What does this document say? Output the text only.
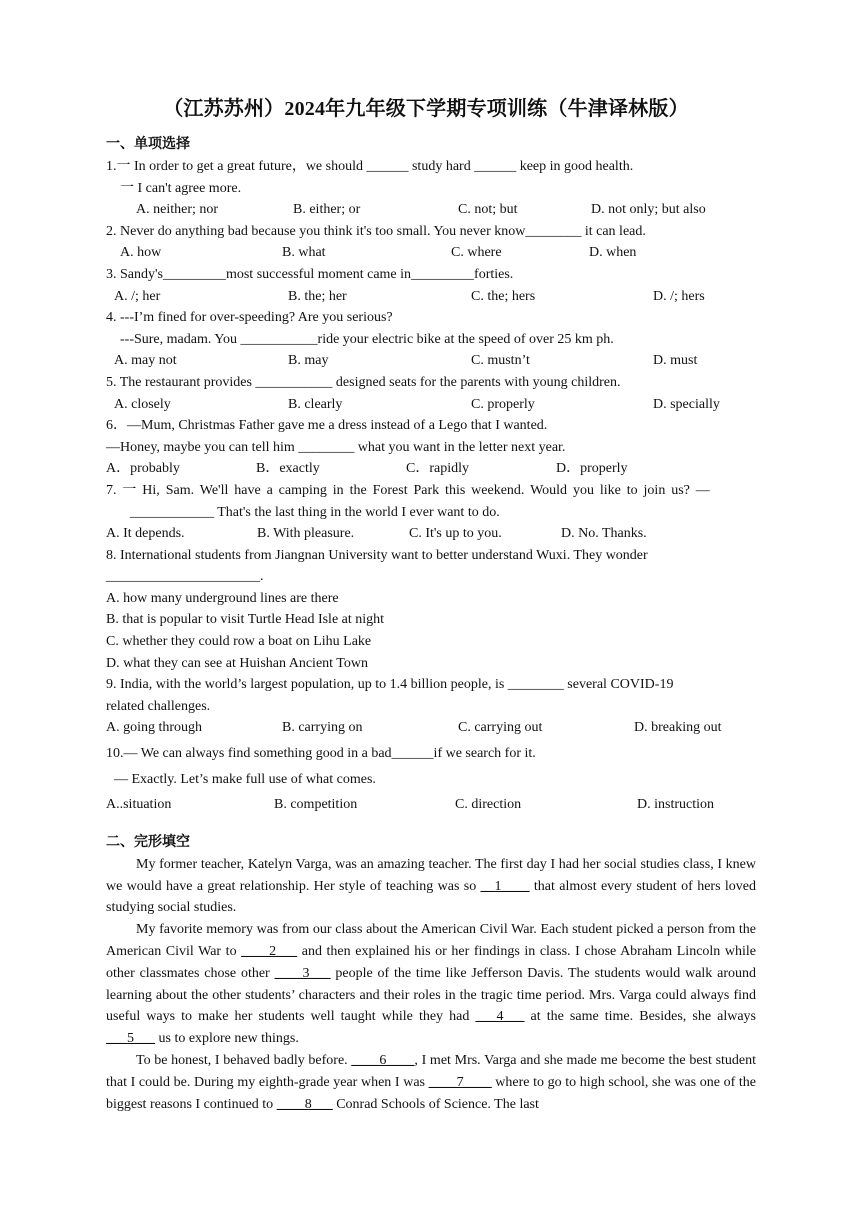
（江苏苏州）2024年九年级下学期专项训练（牛津译林版）
一、单项选择
1.一 In order to get a great future，we should ______ study hard ______ keep in good health.
一 I can't agree more.
A. neither; nor	B. either; or	C. not; but	D. not only; but also
2. Never do anything bad because you think it's too small. You never know________ it can lead.
A. how	B. what	C. where	D. when
3. Sandy's_________most successful moment came in_________forties.
A. /; her	B. the; her	C. the; hers	D. /; hers
4. ---I’m fined for over-speeding? Are you serious?
---Sure, madam. You ___________ride your electric bike at the speed of over 25 km ph.
A. may not	B. may	C. mustn’t	D. must
5. The restaurant provides ___________ designed seats for the parents with young children.
A. closely	B. clearly	C. properly	D. specially
6．—Mum, Christmas Father gave me a dress instead of a Lego that I wanted.
—Honey, maybe you can tell him ________ what you want in the letter next year.
A．probably	B．exactly	C．rapidly	D．properly
7. 一 Hi, Sam. We'll have a camping in the Forest Park this weekend. Would you like to join us? —
____________ That's the last thing in the world I ever want to do.
A. It depends.	B. With pleasure.	C. It's up to you.	D. No. Thanks.
8. International students from Jiangnan University want to better understand Wuxi. They wonder
______________________.
A. how many underground lines are there
B. that is popular to visit Turtle Head Isle at night
C. whether they could row a boat on Lihu Lake
D. what they can see at Huishan Ancient Town
9. India, with the world’s largest population, up to 1.4 billion people, is ________ several COVID-19
related challenges.
A. going through	B. carrying on	C. carrying out	D. breaking out
10.— We can always find something good in a bad______if we search for it.
— Exactly. Let’s make full use of what comes.
A..situation	B. competition	C. direction	D. instruction
二、完形填空
My former teacher, Katelyn Varga, was an amazing teacher. The first day I had her social studies class, I knew we would have a great relationship. Her style of teaching was so __1____ that almost every student of hers loved studying social studies.
My favorite memory was from our class about the American Civil War. Each student picked a person from the American Civil War to ____2___ and then explained his or her findings in class. I chose Abraham Lincoln while other classmates chose other ____3___ people of the time like Jefferson Davis. The students would walk around learning about the other students’ characters and their roles in the tragic time period. Mrs. Varga could always find useful ways to make her students well taught while they had ___4___ at the same time. Besides, she always ___5___ us to explore new things.
To be honest, I behaved badly before. ____6____, I met Mrs. Varga and she made me become the best student that I could be. During my eighth-grade year when I was ____7____ where to go to high school, she was one of the biggest reasons I continued to ____8___ Conrad Schools of Science. The last
